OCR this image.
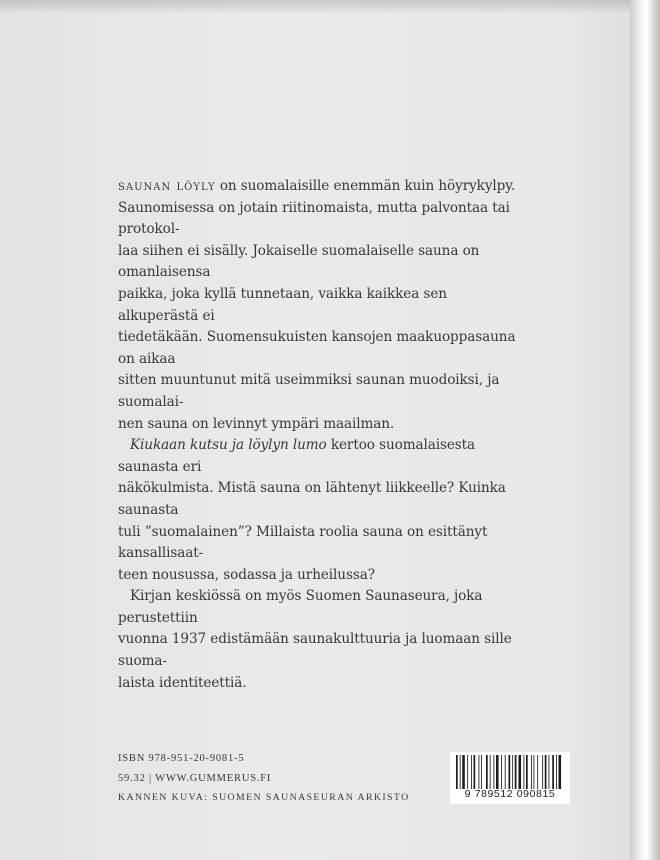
saunan löyly on suomalaisille enemmän kuin höyrykylpy.
Saunomisessa on jotain riitinomaista, mutta palvontaa tai protokol-
laa siihen ei sisälly. Jokaiselle suomalaiselle sauna on omanlaisensa
paikka, joka kyllä tunnetaan, vaikka kaikkea sen alkuperästä ei
tiedetäkään. Suomensukuisten kansojen maakuoppasauna on aikaa
sitten muuntunut mitä useimmiksi saunan muodoiksi, ja suomalai-
nen sauna on levinnyt ympäri maailman.

Kiukaan kutsu ja löylyn lumo kertoo suomalaisesta saunasta eri
näkökulmista. Mistä sauna on lähtenyt liikkeelle? Kuinka saunasta
tuli ”suomalainen”? Millaista roolia sauna on esittänyt kansallisaat-
teen nousussa, sodassa ja urheilussa?

Kirjan keskiössä on myös Suomen Saunaseura, joka perustettiin
vuonna 1937 edistämään saunakulttuuria ja luomaan sille suoma-
laista identiteettiä.

ISBN 978-951-20-9081-5
59.32 | WWW.GUMMERUS.FI
KANNEN KUVA: SUOMEN SAUNASEURAN ARKISTO	9 789512 090815
